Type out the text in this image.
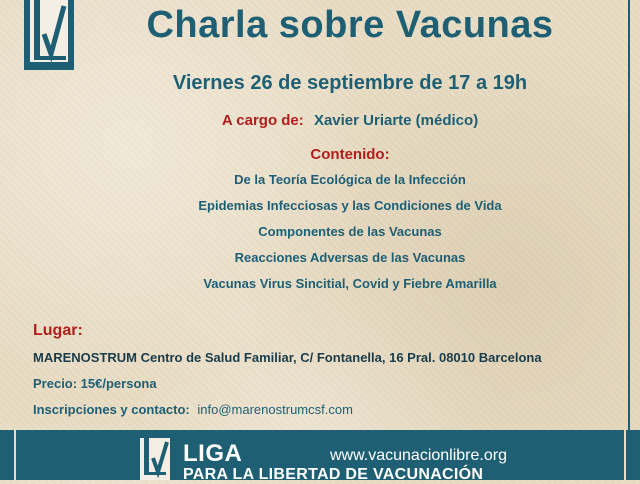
Charla sobre Vacunas
Viernes 26 de septiembre de 17 a 19h
A cargo de: Xavier Uriarte (médico)
Contenido:
De la Teoría Ecológica de la Infección
Epidemias Infecciosas y las Condiciones de Vida
Componentes de las Vacunas
Reacciones Adversas de las Vacunas
Vacunas Virus Sincitial, Covid y Fiebre Amarilla
Lugar:
MARENOSTRUM Centro de Salud Familiar, C/ Fontanella, 16 Pral. 08010 Barcelona
Precio: 15€/persona
Inscripciones y contacto: info@marenostrumcsf.com
LIGA
PARA LA LIBERTAD DE VACUNACIÓN
www.vacunacionlibre.org
